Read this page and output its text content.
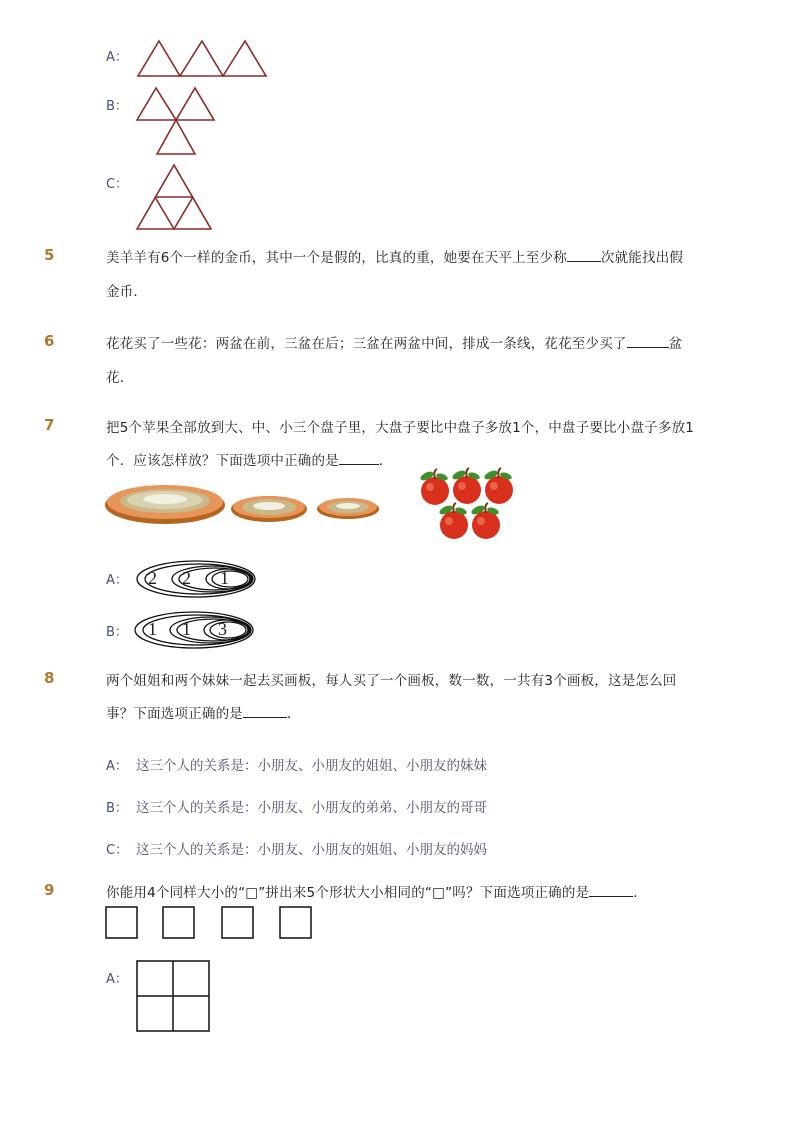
A：
B：
C：
5	美羊羊有6个一样的金币，其中一个是假的，比真的重，她要在天平上至少称	次就能找出假
金币．
6	花花买了一些花：两盆在前，三盆在后；三盆在两盆中间，排成一条线，花花至少买了	盆
花．
7	把5个苹果全部放到大、中、小三个盘子里，大盘子要比中盘子多放1个，中盘子要比小盘子多放1
个．应该怎样放？下面选项中正确的是	．
A： 2 2 1
B： 1 1 3
8	两个姐姐和两个妹妹一起去买画板，每人买了一个画板，数一数，一共有3个画板，这是怎么回
事？下面选项正确的是	．
A： 这三个人的关系是：小朋友、小朋友的姐姐、小朋友的妹妹
B： 这三个人的关系是：小朋友、小朋友的弟弟、小朋友的哥哥
C： 这三个人的关系是：小朋友、小朋友的姐姐、小朋友的妈妈
9	你能用4个同样大小的“□”拼出来5个形状大小相同的“□”吗？下面选项正确的是	．
A：
